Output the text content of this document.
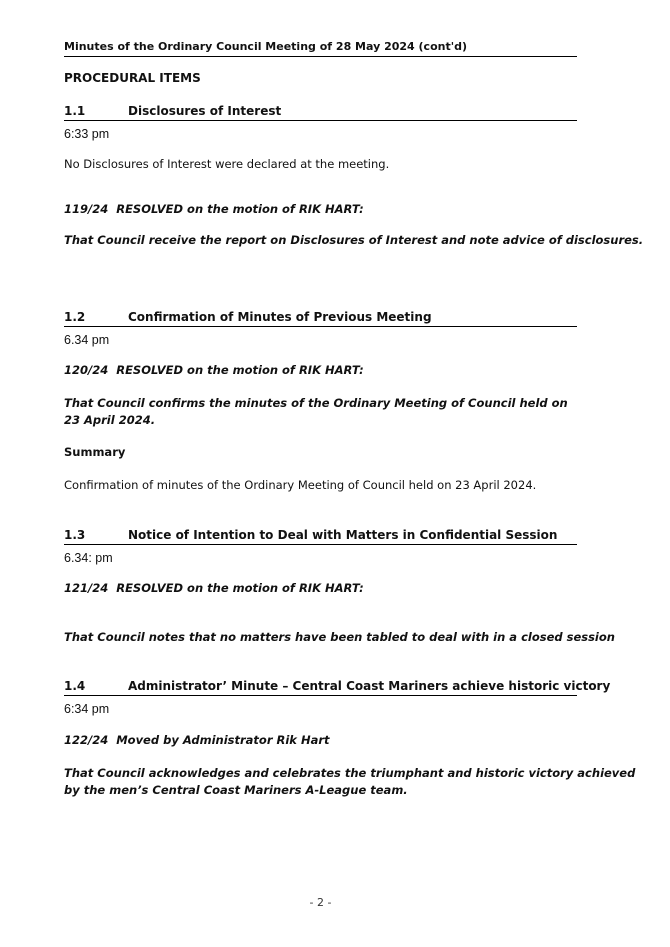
Minutes of the Ordinary Council Meeting of 28 May 2024 (cont'd)
PROCEDURAL ITEMS
1.1	Disclosures of Interest
6:33 pm
No Disclosures of Interest were declared at the meeting.
119/24 RESOLVED on the motion of RIK HART:
That Council receive the report on Disclosures of Interest and note advice of disclosures.
1.2	Confirmation of Minutes of Previous Meeting
6.34 pm
120/24 RESOLVED on the motion of RIK HART:
That Council confirms the minutes of the Ordinary Meeting of Council held on
23 April 2024.
Summary
Confirmation of minutes of the Ordinary Meeting of Council held on 23 April 2024.
1.3	Notice of Intention to Deal with Matters in Confidential Session
6.34: pm
121/24 RESOLVED on the motion of RIK HART:
That Council notes that no matters have been tabled to deal with in a closed session
1.4	Administrator’ Minute – Central Coast Mariners achieve historic victory
6:34 pm
122/24 Moved by Administrator Rik Hart
That Council acknowledges and celebrates the triumphant and historic victory achieved
by the men’s Central Coast Mariners A-League team.
- 2 -
